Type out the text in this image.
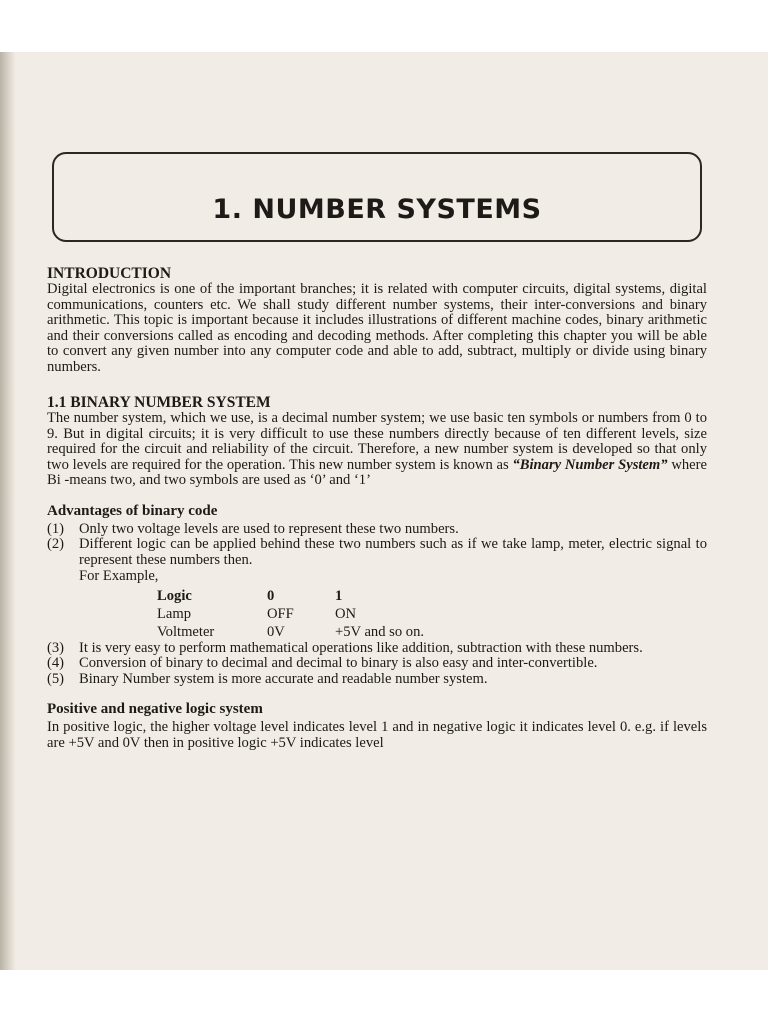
1. NUMBER SYSTEMS
INTRODUCTION

Digital electronics is one of the important branches; it is related with computer circuits, digital systems, digital communications, counters etc. We shall study different number systems, their inter-conversions and binary arithmetic. This topic is important because it includes illustrations of different machine codes, binary arithmetic and their conversions called as encoding and decoding methods. After completing this chapter you will be able to convert any given number into any computer code and able to add, subtract, multiply or divide using binary numbers.

1.1 BINARY NUMBER SYSTEM

The number system, which we use, is a decimal number system; we use basic ten symbols or numbers from 0 to 9. But in digital circuits; it is very difficult to use these numbers directly because of ten different levels, size required for the circuit and reliability of the circuit. Therefore, a new number system is developed so that only two levels are required for the operation. This new number system is known as “Binary Number System” where Bi -means two, and two symbols are used as ‘0’ and ‘1’

Advantages of binary code
(1)	Only two voltage levels are used to represent these two numbers.
(2)	Different logic can be applied behind these two numbers such as if we take lamp, meter, electric signal to represent these numbers then.
For Example,
Logic	0	1
Lamp	OFF	ON
Voltmeter	0V	+5V and so on.
(3)	It is very easy to perform mathematical operations like addition, subtraction with these numbers.
(4)	Conversion of binary to decimal and decimal to binary is also easy and inter-convertible.
(5)	Binary Number system is more accurate and readable number system.
Positive and negative logic system

In positive logic, the higher voltage level indicates level 1 and in negative logic it indicates level 0. e.g. if levels are +5V and 0V then in positive logic +5V indicates level
